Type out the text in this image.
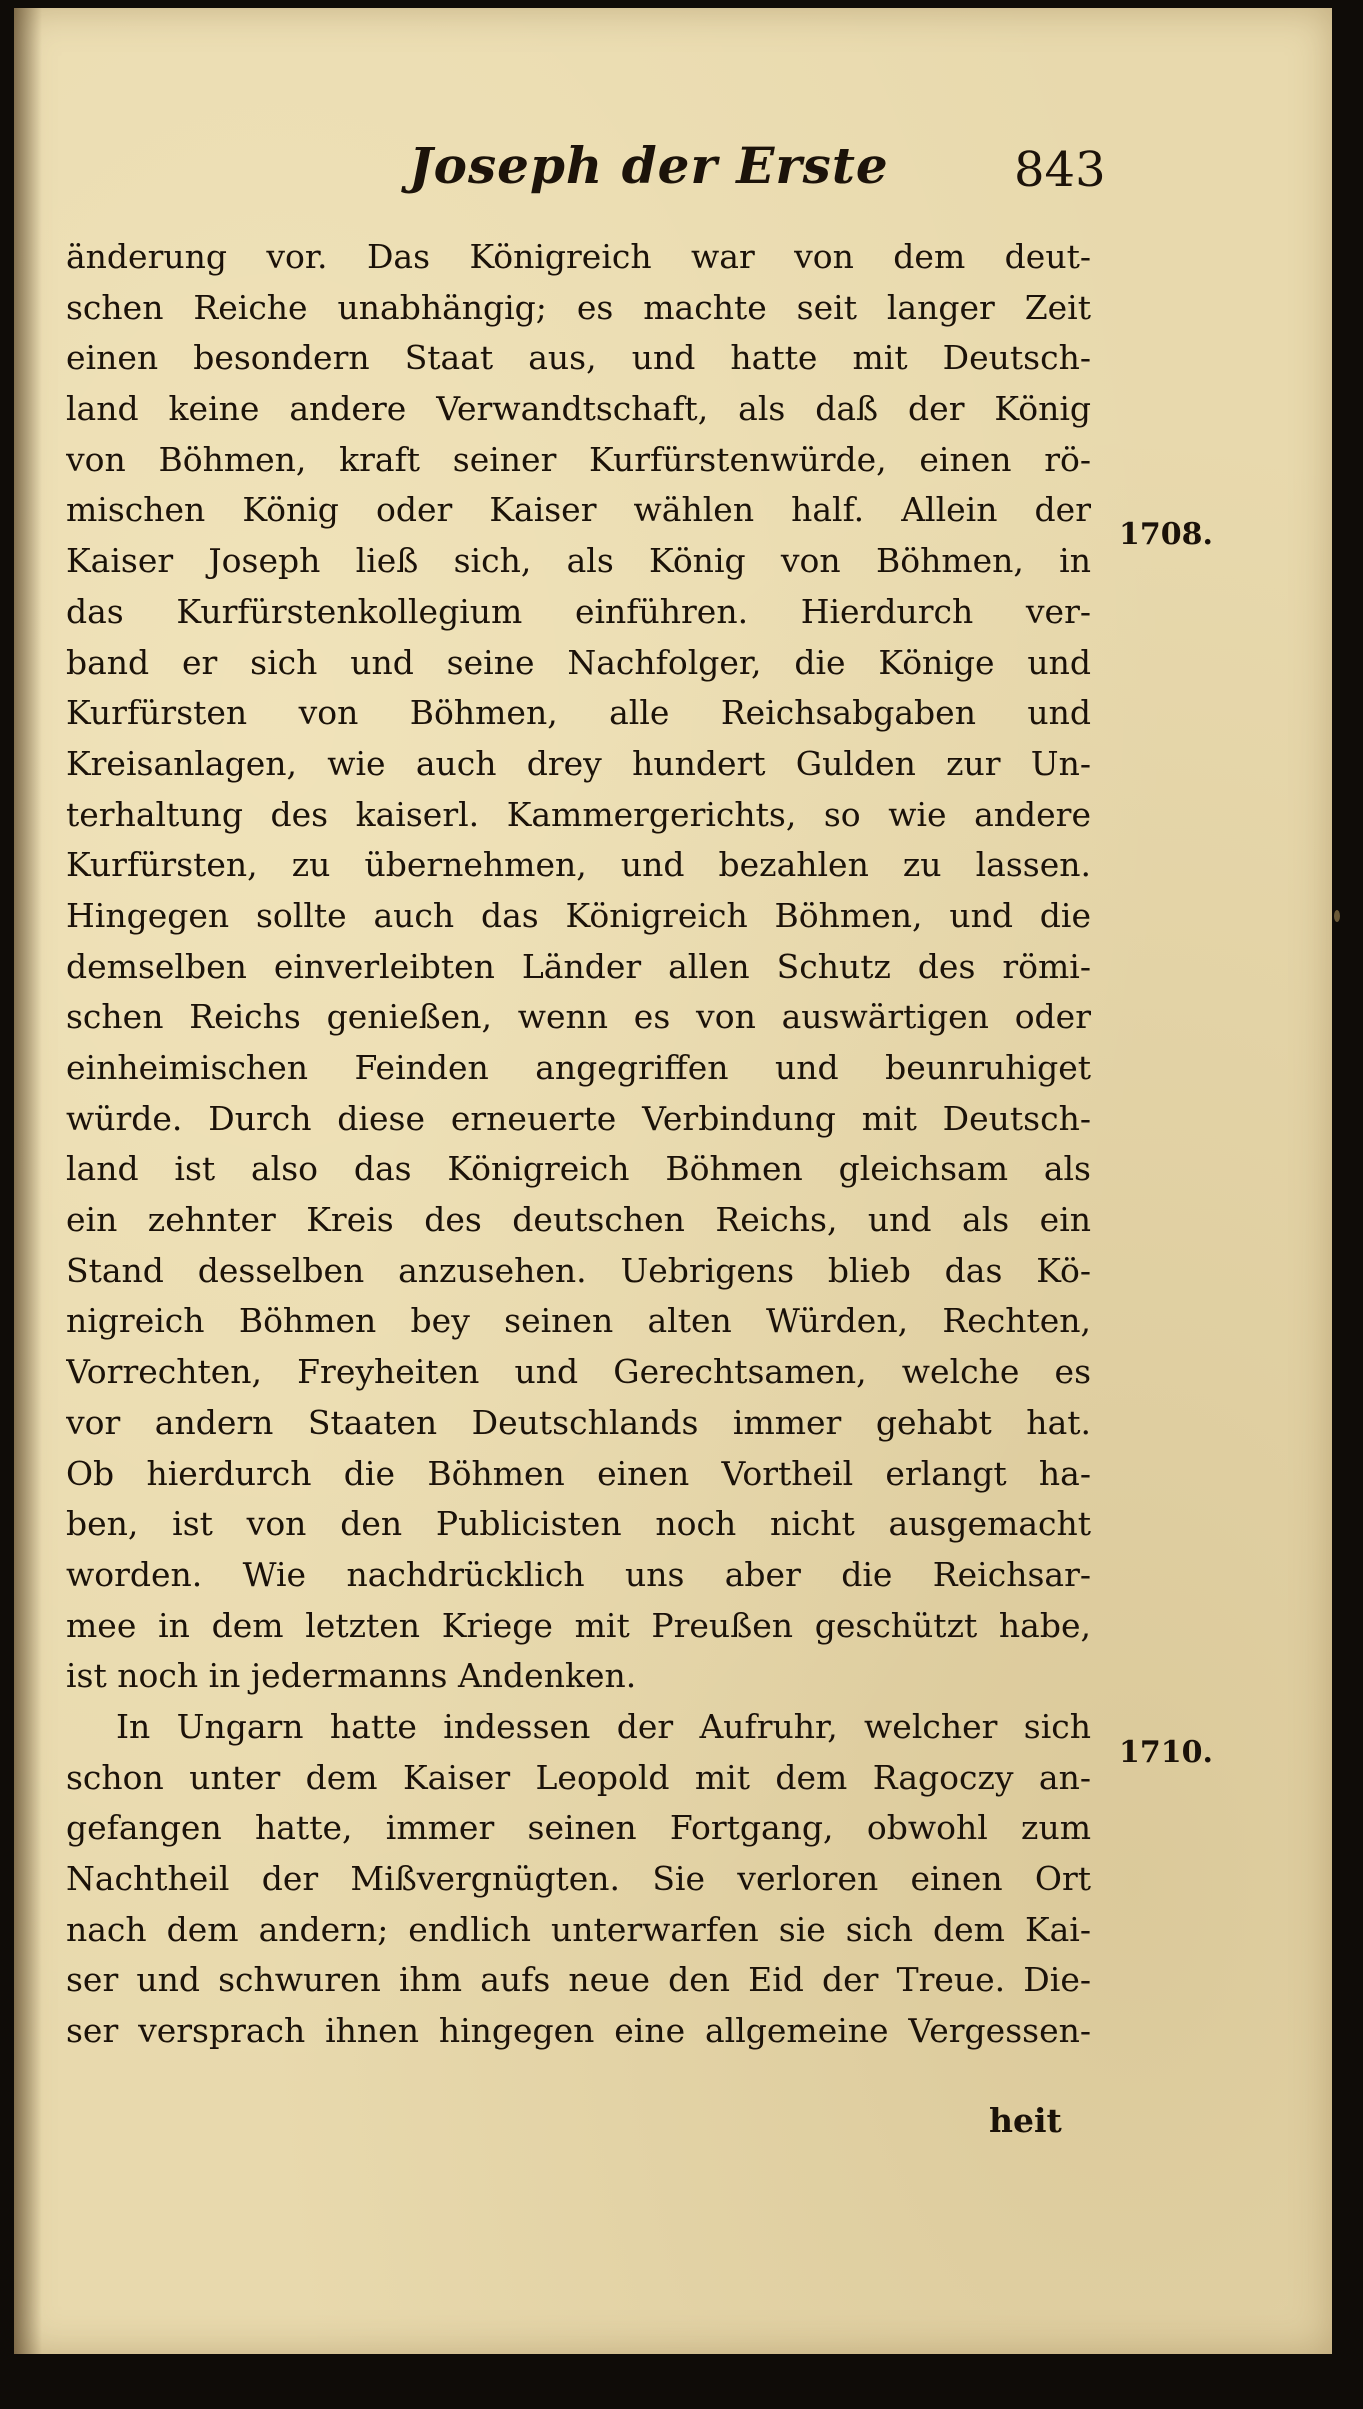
Joseph der Erste	843
änderung vor. Das Königreich war von dem deut-
schen Reiche unabhängig; es machte seit langer Zeit
einen besondern Staat aus, und hatte mit Deutsch-
land keine andere Verwandtschaft, als daß der König
von Böhmen, kraft seiner Kurfürstenwürde, einen rö-
mischen König oder Kaiser wählen half. Allein der
Kaiser Joseph ließ sich, als König von Böhmen, in
das Kurfürstenkollegium einführen. Hierdurch ver-
band er sich und seine Nachfolger, die Könige und
Kurfürsten von Böhmen, alle Reichsabgaben und
Kreisanlagen, wie auch drey hundert Gulden zur Un-
terhaltung des kaiserl. Kammergerichts, so wie andere
Kurfürsten, zu übernehmen, und bezahlen zu lassen.
Hingegen sollte auch das Königreich Böhmen, und die
demselben einverleibten Länder allen Schutz des römi-
schen Reichs genießen, wenn es von auswärtigen oder
einheimischen Feinden angegriffen und beunruhiget
würde. Durch diese erneuerte Verbindung mit Deutsch-
land ist also das Königreich Böhmen gleichsam als
ein zehnter Kreis des deutschen Reichs, und als ein
Stand desselben anzusehen. Uebrigens blieb das Kö-
nigreich Böhmen bey seinen alten Würden, Rechten,
Vorrechten, Freyheiten und Gerechtsamen, welche es
vor andern Staaten Deutschlands immer gehabt hat.
Ob hierdurch die Böhmen einen Vortheil erlangt ha-
ben, ist von den Publicisten noch nicht ausgemacht
worden. Wie nachdrücklich uns aber die Reichsar-
mee in dem letzten Kriege mit Preußen geschützt habe,
ist noch in jedermanns Andenken.
In Ungarn hatte indessen der Aufruhr, welcher sich
schon unter dem Kaiser Leopold mit dem Ragoczy an-
gefangen hatte, immer seinen Fortgang, obwohl zum
Nachtheil der Mißvergnügten. Sie verloren einen Ort
nach dem andern; endlich unterwarfen sie sich dem Kai-
ser und schwuren ihm aufs neue den Eid der Treue. Die-
ser versprach ihnen hingegen eine allgemeine Vergessen-
1708.
1710.
heit
